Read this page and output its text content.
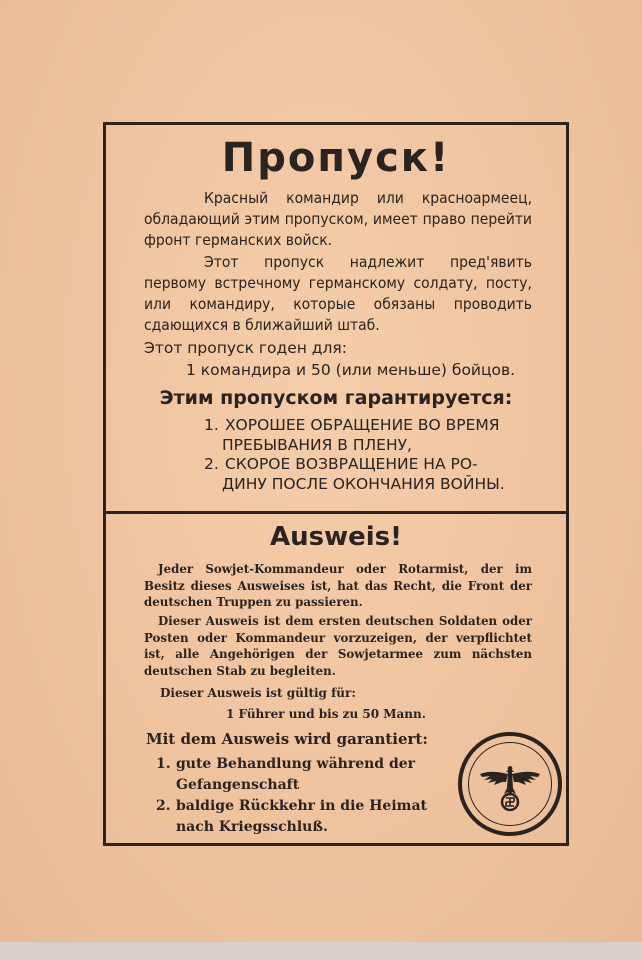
Пропуск!
Красный командир или красноармеец, обладающий этим пропуском, имеет право перейти фронт германских войск.
Этот пропуск надлежит пред'явить первому встречному германскому солдату, посту, или командиру, которые обязаны проводить сдающихся в ближайший штаб.
Этот пропуск годен для:
1 командира и 50 (или меньше) бойцов.
Этим пропуском гарантируется:
1. ХОРОШЕЕ ОБРАЩЕНИЕ ВО ВРЕМЯ
ПРЕБЫВАНИЯ В ПЛЕНУ,
2. СКОРОЕ ВОЗВРАЩЕНИЕ НА РО-
ДИНУ ПОСЛЕ ОКОНЧАНИЯ ВОЙНЫ.
Ausweis!
Jeder Sowjet-Kommandeur oder Rotarmist, der im Besitz dieses Ausweises ist, hat das Recht, die Front der deutschen Truppen zu passieren.
Dieser Ausweis ist dem ersten deutschen Soldaten oder Posten oder Kommandeur vorzuzeigen, der verpflichtet ist, alle Angehörigen der Sowjetarmee zum nächsten deutschen Stab zu begleiten.
Dieser Ausweis ist gültig für:
1 Führer und bis zu 50 Mann.
Mit dem Ausweis wird garantiert:
1. gute Behandlung während der
Gefangenschaft
2. baldige Rückkehr in die Heimat
nach Kriegsschluß.
